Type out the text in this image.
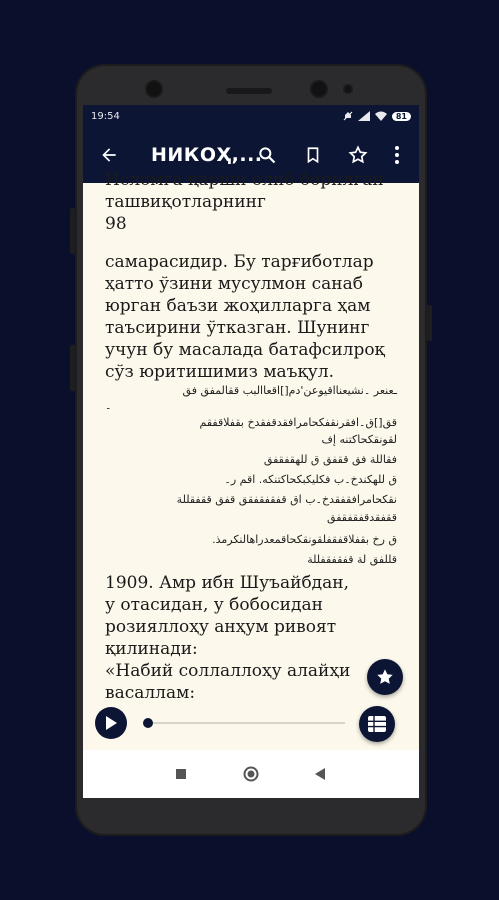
19:54	81
НИКОҲ,...
Исломга қарши олиб борилган
ташвиқотларнинг
98
самарасидир. Бу тарғиботлар
ҳатто ўзини мусулмон санаб
юрган баъзи жоҳилларга ҳам
таъсирини ўтказган. Шунинг
учун бу масалада батафсилроқ
сўз юритишимиз маъқул.
ـعنعر ۔نشیعنااقیوعن'دم[]اقعاالبب ققالمفق فق
۔
قق[]ق۔افقرنقفکحامرافقدقفقدخ بقفلاقفقم
لقونقکحاکتنه إف
فقاللة فق ققفق ق للهقفقفق
ق للهکندخ۔ب فکلیکبکحاکتنکه. اقم ر۔
نقکحامرافقفقدخ۔ب اق قفقفقفقق قفق ققفقللة
ققفقدقفقفقفق
ق رخ بقفلاقفقفلقونقکحاقمعدراهالنکرمذ.
قللفق لة قفقفقفللة
1909. Амр ибн Шуъайбдан,
у отасидан, у бобосидан
розияллоҳу анҳум ривоят
қилинади:
«Набий соллаллоҳу алайҳи
васаллам:
